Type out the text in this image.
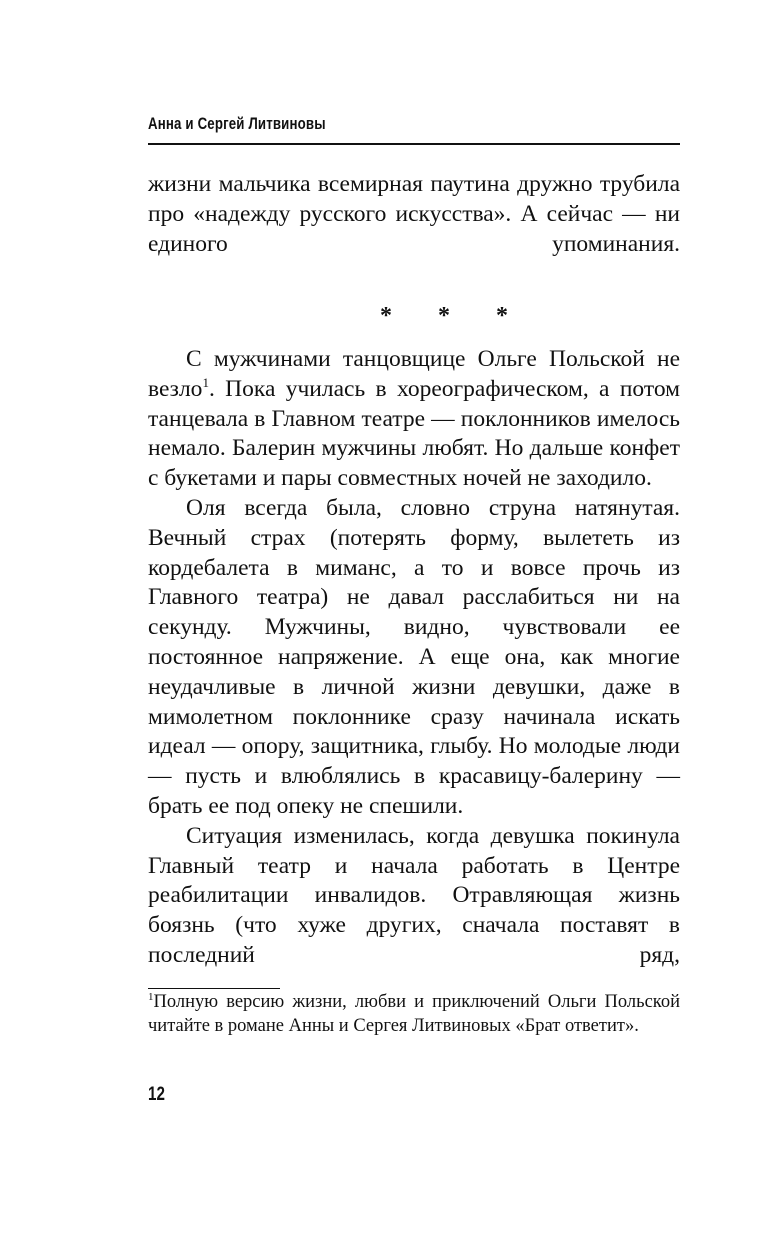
Анна и Сергей Литвиновы

жизни мальчика всемирная паутина дружно трубила про «надежду русского искусства». А сейчас — ни единого упоминания.

* * *

С мужчинами танцовщице Ольге Польской не везло$^1$. Пока училась в хореографическом, а потом танцевала в Главном театре — поклонников имелось немало. Балерин мужчины любят. Но дальше конфет с букетами и пары совместных ночей не заходило.

Оля всегда была, словно струна натянутая. Вечный страх (потерять форму, вылететь из кордебалета в миманс, а то и вовсе прочь из Главного театра) не давал расслабиться ни на секунду. Мужчины, видно, чувствовали ее постоянное напряжение. А еще она, как многие неудачливые в личной жизни девушки, даже в мимолетном поклоннике сразу начинала искать идеал — опору, защитника, глыбу. Но молодые люди — пусть и влюблялись в красавицу-балерину — брать ее под опеку не спешили.

Ситуация изменилась, когда девушка покинула Главный театр и начала работать в Центре реабилитации инвалидов. Отравляющая жизнь боязнь (что хуже других, сначала поставят в последний ряд,

$^1$Полную версию жизни, любви и приключений Ольги Польской читайте в романе Анны и Сергея Литвиновых «Брат ответит».
12
